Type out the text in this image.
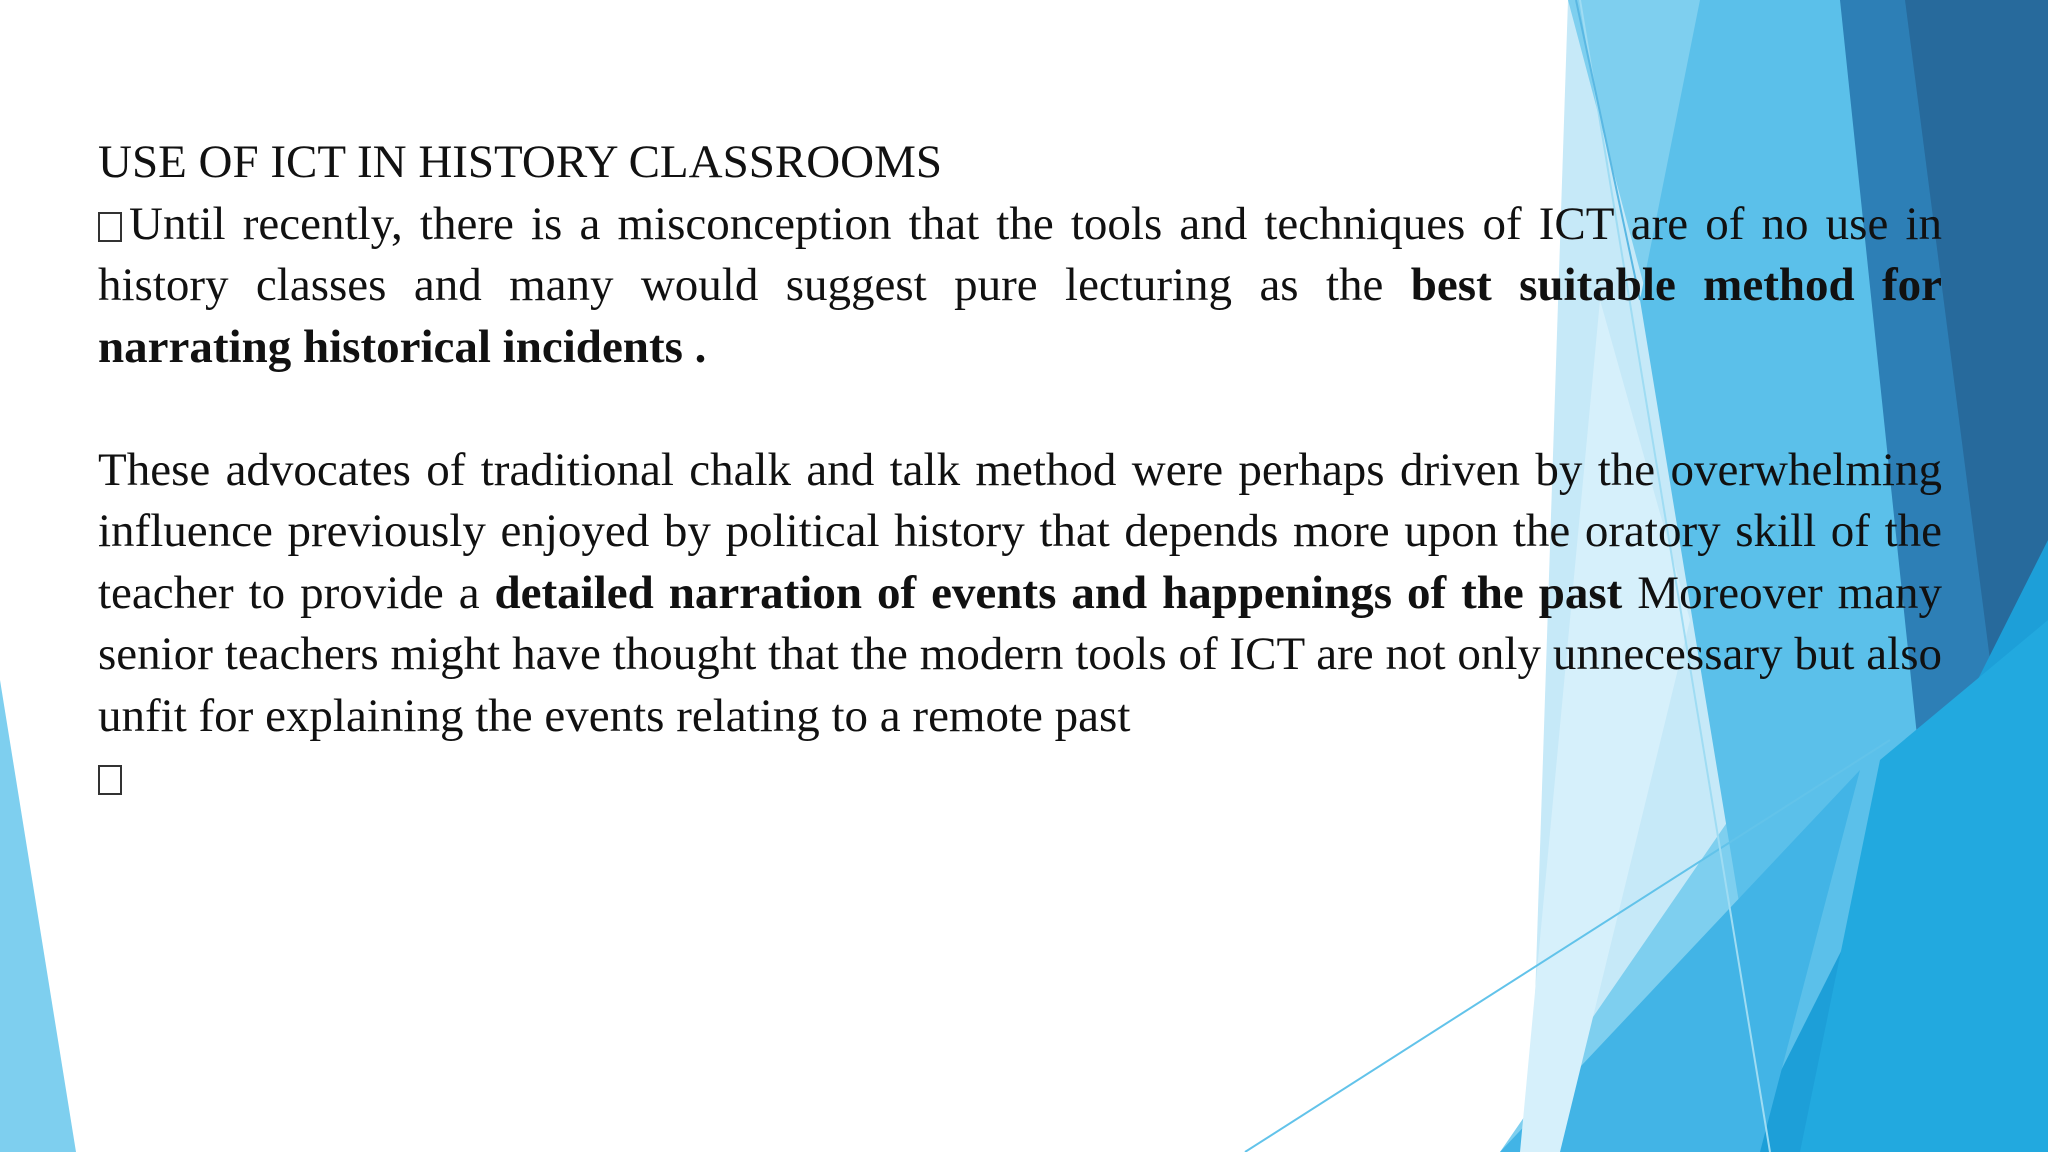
USE OF ICT IN HISTORY CLASSROOMS

Until recently, there is a misconception that the tools and techniques of ICT are of no use in history classes and many would suggest pure lecturing as the best suitable method for narrating historical incidents .

These advocates of traditional chalk and talk method were perhaps driven by the overwhelming influence previously enjoyed by political history that depends more upon the oratory skill of the teacher to provide a detailed narration of events and happenings of the past Moreover many senior teachers might have thought that the modern tools of ICT are not only unnecessary but also unfit for explaining the events relating to a remote past
